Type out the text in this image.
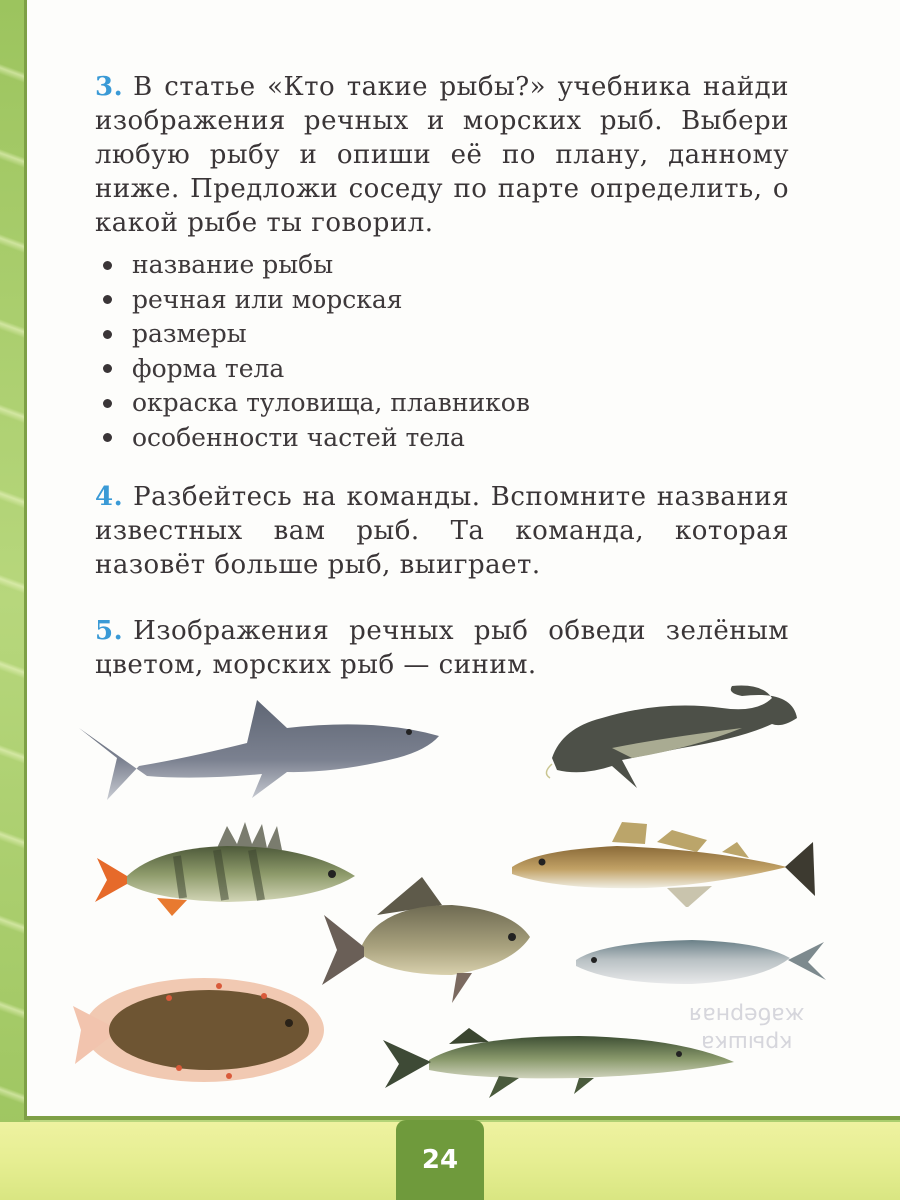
3. В статье «Кто такие рыбы?» учебника найди изображения речных и морских рыб. Выбери любую рыбу и опиши её по плану, данному ниже. Предложи соседу по парте определить, о какой рыбе ты говорил.
название рыбы
речная или морская
размеры
форма тела
окраска туловища, плавников
особенности частей тела
4. Разбейтесь на команды. Вспомните названия известных вам рыб. Та команда, которая назовёт больше рыб, выиграет.
5. Изображения речных рыб обведи зелёным цветом, морских рыб — синим.
крышка
жаберная
24
